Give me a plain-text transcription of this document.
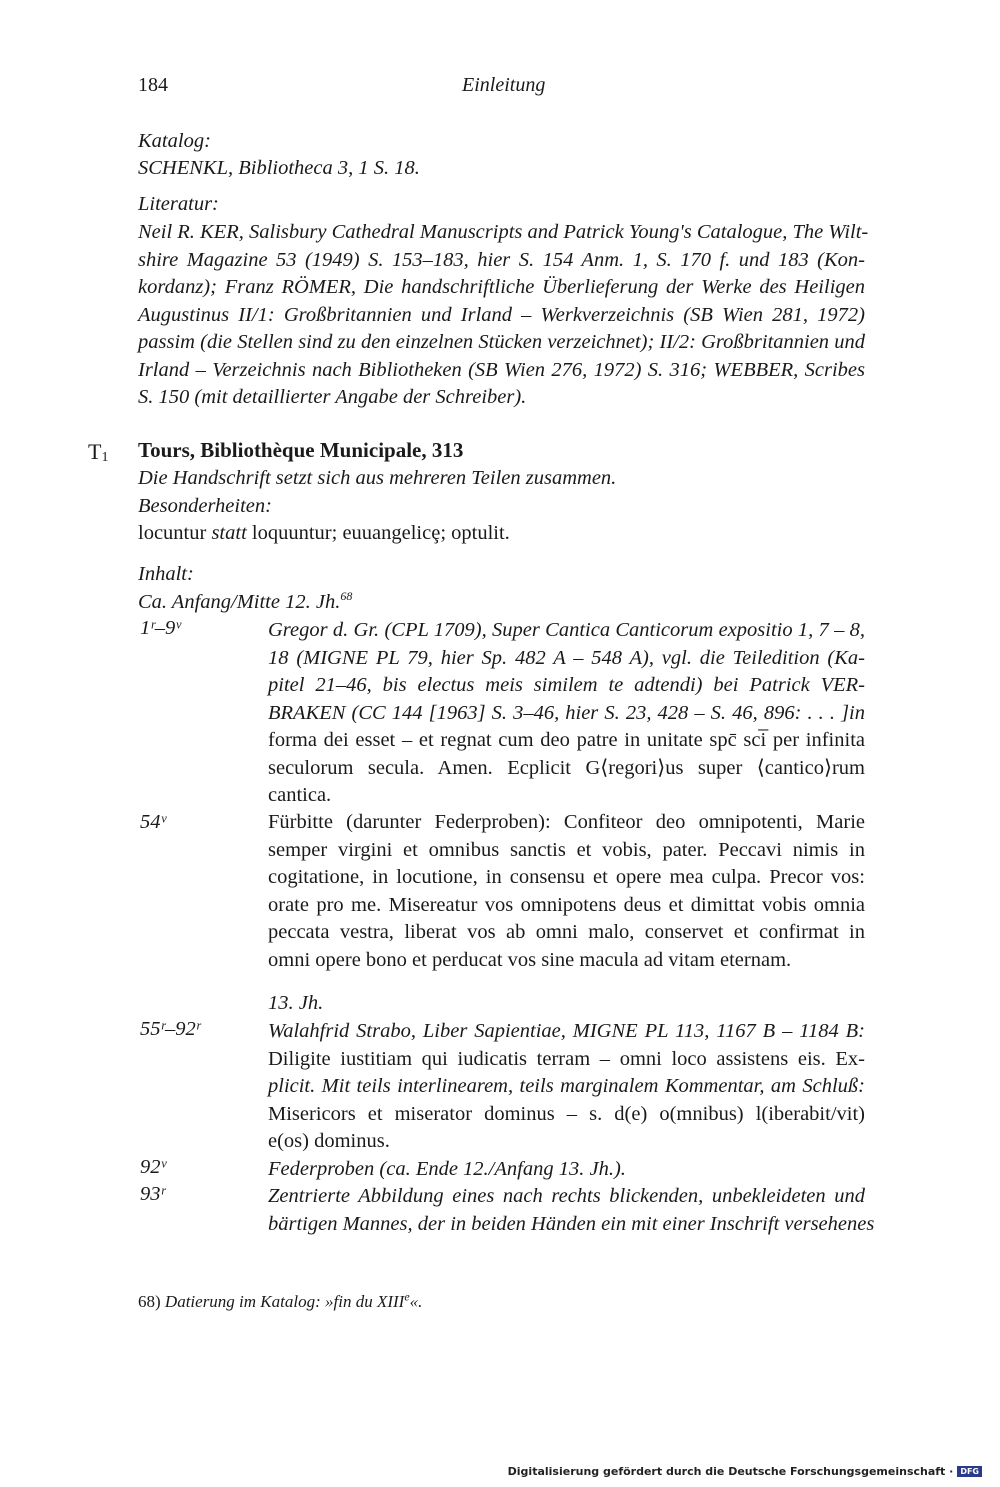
184	Einleitung
Katalog:
SCHENKL, Bibliotheca 3, 1 S. 18.
Literatur:
Neil R. KER, Salisbury Cathedral Manuscripts and Patrick Young's Catalogue, The Wilt-
shire Magazine 53 (1949) S. 153–183, hier S. 154 Anm. 1, S. 170 f. und 183 (Kon-
kordanz); Franz RÖMER, Die handschriftliche Überlieferung der Werke des Heiligen
Augustinus II/1: Großbritannien und Irland – Werkverzeichnis (SB Wien 281, 1972)
passim (die Stellen sind zu den einzelnen Stücken verzeichnet); II/2: Großbritannien und
Irland – Verzeichnis nach Bibliotheken (SB Wien 276, 1972) S. 316; WEBBER, Scribes
S. 150 (mit detaillierter Angabe der Schreiber).
$T_1$ Tours, Bibliothèque Municipale, 313
Die Handschrift setzt sich aus mehreren Teilen zusammen.
Besonderheiten:
locuntur statt loquuntur; euuangelicȩ; optulit.
Inhalt:
Ca. Anfang/Mitte 12. Jh.$^{68}$
1ʳ–9ᵛ	Gregor d. Gr. (CPL 1709), Super Cantica Canticorum expositio 1, 7 – 8,
18 (MIGNE PL 79, hier Sp. 482 A – 548 A), vgl. die Teiledition (Ka-
pitel 21–46, bis electus meis similem te adtendi) bei Patrick VER-
BRAKEN (CC 144 [1963] S. 3–46, hier S. 23, 428 – S. 46, 896: . . . ]in
forma dei esset – et regnat cum deo patre in unitate spc̄ sci̅ per infinita
seculorum secula. Amen. Ecplicit G⟨regori⟩us super ⟨cantico⟩rum
cantica.
54ᵛ	Fürbitte (darunter Federproben): Confiteor deo omnipotenti, Marie
semper virgini et omnibus sanctis et vobis, pater. Peccavi nimis in
cogitatione, in locutione, in consensu et opere mea culpa. Precor vos:
orate pro me. Misereatur vos omnipotens deus et dimittat vobis omnia
peccata vestra, liberat vos ab omni malo, conservet et confirmat in
omni opere bono et perducat vos sine macula ad vitam eternam.
13. Jh.
55ʳ–92ʳ	Walahfrid Strabo, Liber Sapientiae, MIGNE PL 113, 1167 B – 1184 B:
Diligite iustitiam qui iudicatis terram – omni loco assistens eis. Ex-
plicit. Mit teils interlinearem, teils marginalem Kommentar, am Schluß:
Misericors et miserator dominus – s. d(e) o(mnibus) l(iberabit/vit)
e(os) dominus.
92ᵛ	Federproben (ca. Ende 12./Anfang 13. Jh.).
93ʳ	Zentrierte Abbildung eines nach rechts blickenden, unbekleideten und
bärtigen Mannes, der in beiden Händen ein mit einer Inschrift versehenes
68) Datierung im Katalog: »fin du XIIIe«.
Digitalisierung gefördert durch die Deutsche Forschungsgemeinschaft · DFG
